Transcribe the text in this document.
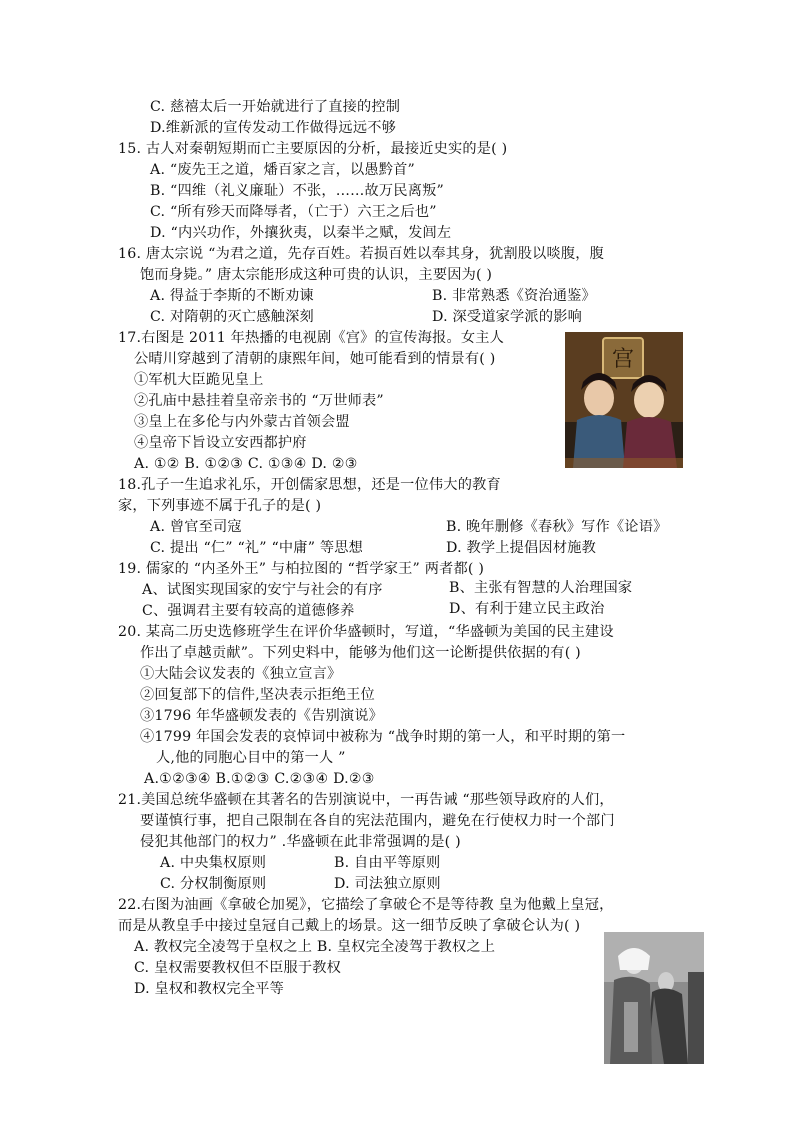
C. 慈禧太后一开始就进行了直接的控制
D.维新派的宣传发动工作做得远远不够
15. 古人对秦朝短期而亡主要原因的分析，最接近史实的是( )
A. “废先王之道，燔百家之言，以愚黔首”
B. “四维（礼义廉耻）不张，……故万民离叛”
C. “所有殄天而降辱者，（亡于）六王之后也”
D. “内兴功作，外攘狄夷，以秦半之赋，发闾左
16. 唐太宗说 “为君之道，先存百姓。若损百姓以奉其身，犹割股以啖腹，腹
饱而身毙。” 唐太宗能形成这种可贵的认识，主要因为( )
A. 得益于李斯的不断劝谏	B. 非常熟悉《资治通鉴》
C. 对隋朝的灭亡感触深刻	D. 深受道家学派的影响
17.右图是 2011 年热播的电视剧《宫》的宣传海报。女主人
公晴川穿越到了清朝的康熙年间，她可能看到的情景有( )
①军机大臣跪见皇上
②孔庙中悬挂着皇帝亲书的 “万世师表”
③皇上在多伦与内外蒙古首领会盟
④皇帝下旨设立安西都护府
A. ①② B. ①②③ C. ①③④ D. ②③
宫
18.孔子一生追求礼乐，开创儒家思想，还是一位伟大的教育
家，下列事迹不属于孔子的是( )
A. 曾官至司寇	B. 晚年删修《春秋》写作《论语》
C. 提出 “仁” “礼” “中庸” 等思想	D. 教学上提倡因材施教
19. 儒家的 “内圣外王” 与柏拉图的 “哲学家王” 两者都( )
A、试图实现国家的安宁与社会的有序	B、主张有智慧的人治理国家
C、强调君主要有较高的道德修养	D、有利于建立民主政治
20. 某高二历史选修班学生在评价华盛顿时，写道，“华盛顿为美国的民主建设
作出了卓越贡献”。下列史料中，能够为他们这一论断提供依据的有( )
①大陆会议发表的《独立宣言》
②回复部下的信件,坚决表示拒绝王位
③1796 年华盛顿发表的《告别演说》
④1799 年国会发表的哀悼词中被称为 “战争时期的第一人，和平时期的第一
人,他的同胞心目中的第一人 ”
A.①②③④ B.①②③ C.②③④ D.②③
21.美国总统华盛顿在其著名的告别演说中，一再告诫 “那些领导政府的人们，
要谨慎行事，把自己限制在各自的宪法范围内，避免在行使权力时一个部门
侵犯其他部门的权力” .华盛顿在此非常强调的是( )
A. 中央集权原则	B. 自由平等原则
C. 分权制衡原则	D. 司法独立原则
22.右图为油画《拿破仑加冕》，它描绘了拿破仑不是等待教 皇为他戴上皇冠，
而是从教皇手中接过皇冠自己戴上的场景。这一细节反映了拿破仑认为( )
A. 教权完全凌驾于皇权之上 B. 皇权完全凌驾于教权之上
C. 皇权需要教权但不臣服于教权
D. 皇权和教权完全平等
